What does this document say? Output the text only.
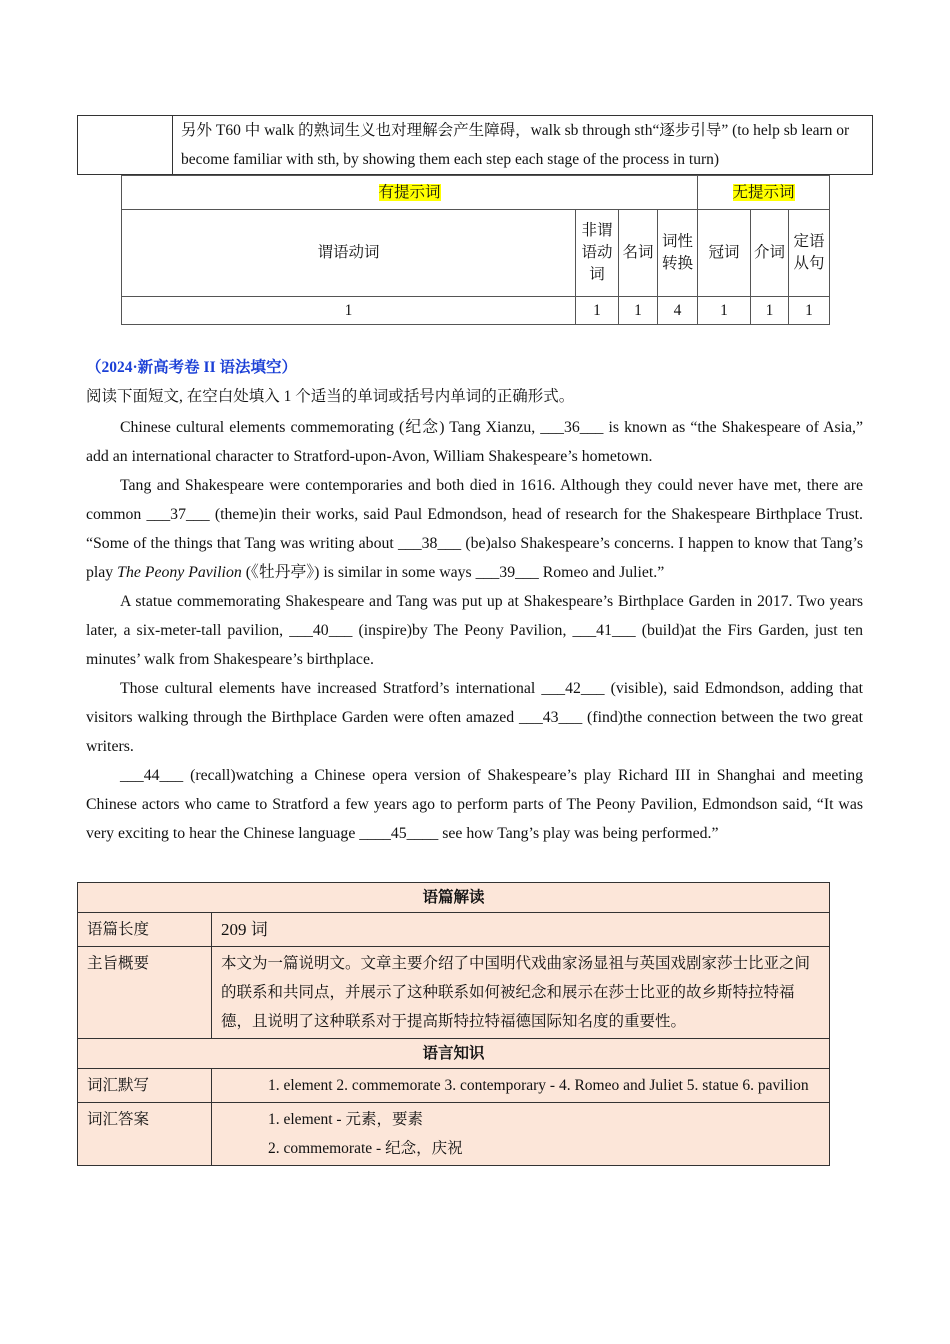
	另外 T60 中 walk 的熟词生义也对理解会产生障碍，walk sb through sth“逐步引导” (to help sb learn or become familiar with sth, by showing them each step each stage of the process in turn)
有提示词				无提示词		
谓语动词	非谓语动词	名词	词性转换	冠词	介词	定语从句
1	1	1	4	1	1	1

（2024·新高考卷 II 语法填空）

阅读下面短文, 在空白处填入 1 个适当的单词或括号内单词的正确形式。

Chinese cultural elements commemorating (纪念) Tang Xianzu, ___36___ is known as “the Shakespeare of Asia,” add an international character to Stratford-upon-Avon, William Shakespeare’s hometown.

Tang and Shakespeare were contemporaries and both died in 1616. Although they could never have met, there are common ___37___ (theme)in their works, said Paul Edmondson, head of research for the Shakespeare Birthplace Trust. “Some of the things that Tang was writing about ___38___ (be)also Shakespeare’s concerns. I happen to know that Tang’s play The Peony Pavilion (《牡丹亭》) is similar in some ways ___39___ Romeo and Juliet.”

A statue commemorating Shakespeare and Tang was put up at Shakespeare’s Birthplace Garden in 2017. Two years later, a six-meter-tall pavilion, ___40___ (inspire)by The Peony Pavilion, ___41___ (build)at the Firs Garden, just ten minutes’ walk from Shakespeare’s birthplace.

Those cultural elements have increased Stratford’s international ___42___ (visible), said Edmondson, adding that visitors walking through the Birthplace Garden were often amazed ___43___ (find)the connection between the two great writers.

___44___ (recall)watching a Chinese opera version of Shakespeare’s play Richard III in Shanghai and meeting Chinese actors who came to Stratford a few years ago to perform parts of The Peony Pavilion, Edmondson said, “It was very exciting to hear the Chinese language ____45____ see how Tang’s play was being performed.”

语篇解读	
语篇长度	209 词
主旨概要	本文为一篇说明文。文章主要介绍了中国明代戏曲家汤显祖与英国戏剧家莎士比亚之间的联系和共同点，并展示了这种联系如何被纪念和展示在莎士比亚的故乡斯特拉特福德，且说明了这种联系对于提高斯特拉特福德国际知名度的重要性。
语言知识	
词汇默写	1. element 2. commemorate 3. contemporary - 4. Romeo and Juliet 5. statue 6. pavilion
词汇答案	1. element - 元素，要素
2. commemorate - 纪念，庆祝
